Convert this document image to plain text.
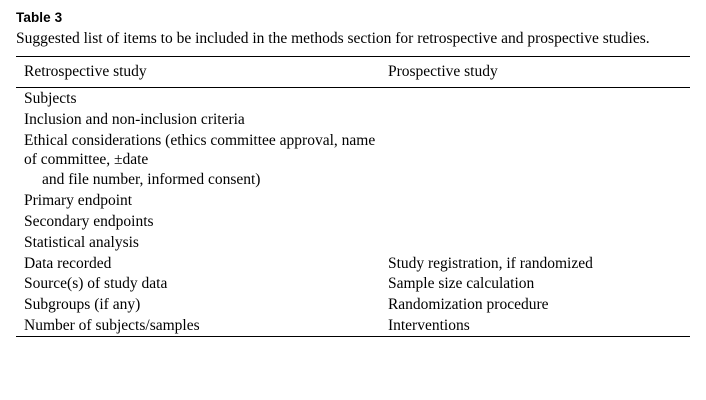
Table 3
Suggested list of items to be included in the methods section for retrospective and prospective studies.
Retrospective study	Prospective study
Subjects	
Inclusion and non-inclusion criteria	
Ethical considerations (ethics committee approval, name of committee, ±date
and file number, informed consent)	

Primary endpoint	
Secondary endpoints	
Statistical analysis	
Data recorded	Study registration, if randomized
Source(s) of study data	Sample size calculation
Subgroups (if any)	Randomization procedure
Number of subjects/samples	Interventions
